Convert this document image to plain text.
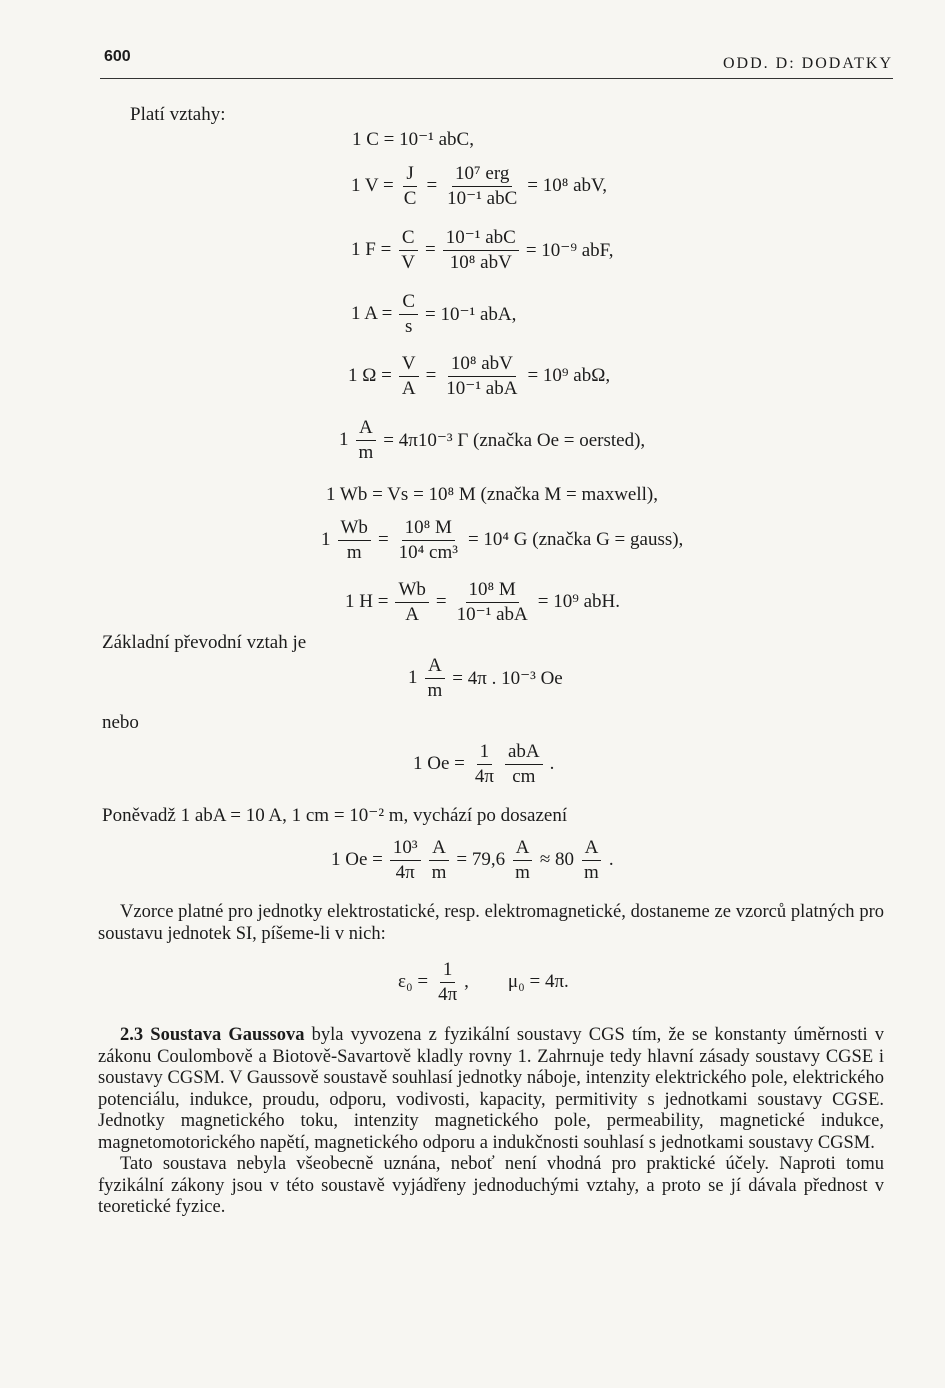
600	ODD. D: DODATKY
Platí vztahy:
1 C = 10⁻¹ abC,
1 $V = \frac{J}{C} = \frac{\text{10⁷ erg}}{\text{10⁻¹ abC}} = 10^8$ abV,
1 $F = \frac{C}{V} = \frac{\text{10⁻¹ abC}}{\text{10⁸ abV}} = 10^{-9}$ abF,
1 $A = \frac{C}{s} = 10^{-1}$ abA,
1 $\Omega = \frac{V}{A} = \frac{\text{10⁸ abV}}{\text{10⁻¹ abA}} = 10^9$ abΩ,
$1 \frac{A}{m} = 4\pi 10^{-3}$ Γ (značka Oe = oersted),
1 Wb = Vs = 10⁸ M (značka M = maxwell),
$1 \frac{Wb}{m} = \frac{\text{10⁸ M}}{\text{10⁴ cm³}} = 10^4$ G (značka G = gauss),
1 $H = \frac{Wb}{A} = \frac{\text{10⁸ M}}{\text{10⁻¹ abA}} = 10^9$ abH.
Základní převodní vztah je
$1 \frac{A}{m} = 4\pi$ . 10⁻³ Oe
nebo
1 $Oe = \frac{1}{4\pi} \frac{\text{abA}}{cm}$ .
Poněvadž 1 abA = 10 A, 1 cm = 10⁻² m, vychází po dosazení
1 $Oe = \frac{\text{10³}}{4\pi} \frac{A}{m} = 79,6 \frac{A}{m} \approx 80 \frac{A}{m}$ .

Vzorce platné pro jednotky elektrostatické, resp. elektromagnetické, dostaneme ze vzorců platných pro soustavu jednotek SI, píšeme-li v nich:

$\varepsilon_0 = \frac{1}{4\pi}$ , μ₀ = 4π.

2.3 Soustava Gaussova byla vyvozena z fyzikální soustavy CGS tím, že se konstanty úměrnosti v zákonu Coulombově a Biotově-Savartově kladly rovny 1. Zahrnuje tedy hlavní zásady soustavy CGSE i soustavy CGSM. V Gaussově soustavě souhlasí jednotky náboje, intenzity elektrického pole, elektrického potenciálu, indukce, proudu, odporu, vodivosti, kapacity, permitivity s jednotkami soustavy CGSE. Jednotky magnetického toku, intenzity magnetického pole, permeability, magnetické indukce, magnetomotorického napětí, magnetického odporu a indukčnosti souhlasí s jednotkami soustavy CGSM.

Tato soustava nebyla všeobecně uznána, neboť není vhodná pro praktické účely. Naproti tomu fyzikální zákony jsou v této soustavě vyjádřeny jednoduchými vztahy, a proto se jí dávala přednost v teoretické fyzice.
